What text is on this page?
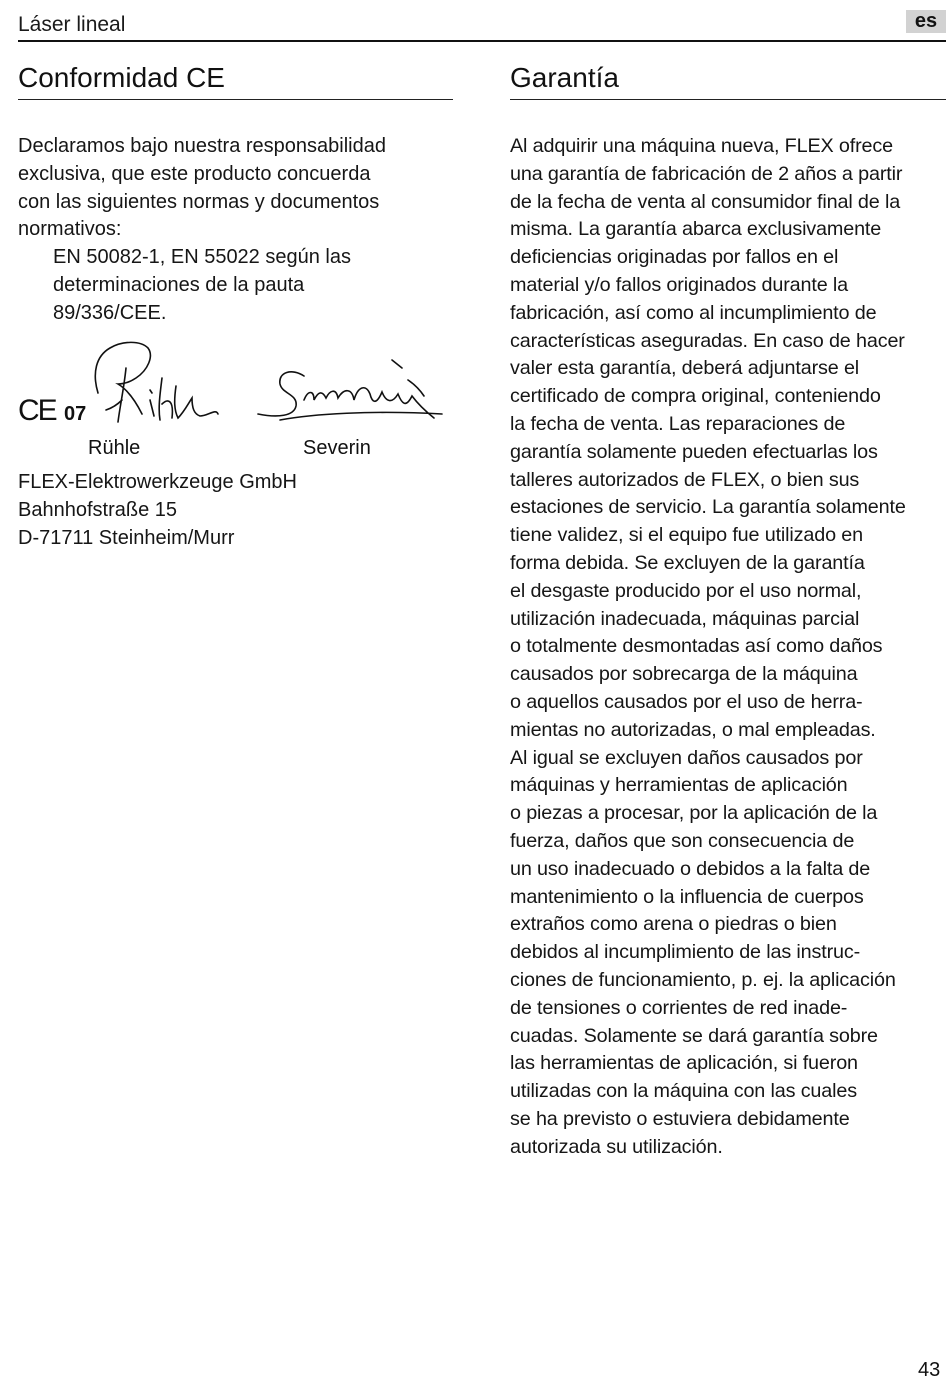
Láser lineal	es
Conformidad CE
Declaramos bajo nuestra responsabilidad
exclusiva, que este producto concuerda
con las siguientes normas y documentos
normativos:
EN 50082-1, EN 55022 según las
determinaciones de la pauta
89/336/CEE.
CE 07
Rühle	Severin
FLEX-Elektrowerkzeuge GmbH
Bahnhofstraße 15
D-71711 Steinheim/Murr
Garantía
Al adquirir una máquina nueva, FLEX ofrece
una garantía de fabricación de 2 años a partir
de la fecha de venta al consumidor final de la
misma. La garantía abarca exclusivamente
deficiencias originadas por fallos en el
material y/o fallos originados durante la
fabricación, así como al incumplimiento de
características aseguradas. En caso de hacer
valer esta garantía, deberá adjuntarse el
certificado de compra original, conteniendo
la fecha de venta. Las reparaciones de
garantía solamente pueden efectuarlas los
talleres autorizados de FLEX, o bien sus
estaciones de servicio. La garantía solamente
tiene validez, si el equipo fue utilizado en
forma debida. Se excluyen de la garantía
el desgaste producido por el uso normal,
utilización inadecuada, máquinas parcial
o totalmente desmontadas así como daños
causados por sobrecarga de la máquina
o aquellos causados por el uso de herra-
mientas no autorizadas, o mal empleadas.
Al igual se excluyen daños causados por
máquinas y herramientas de aplicación
o piezas a procesar, por la aplicación de la
fuerza, daños que son consecuencia de
un uso inadecuado o debidos a la falta de
mantenimiento o la influencia de cuerpos
extraños como arena o piedras o bien
debidos al incumplimiento de las instruc-
ciones de funcionamiento, p. ej. la aplicación
de tensiones o corrientes de red inade-
cuadas. Solamente se dará garantía sobre
las herramientas de aplicación, si fueron
utilizadas con la máquina con las cuales
se ha previsto o estuviera debidamente
autorizada su utilización.
43
